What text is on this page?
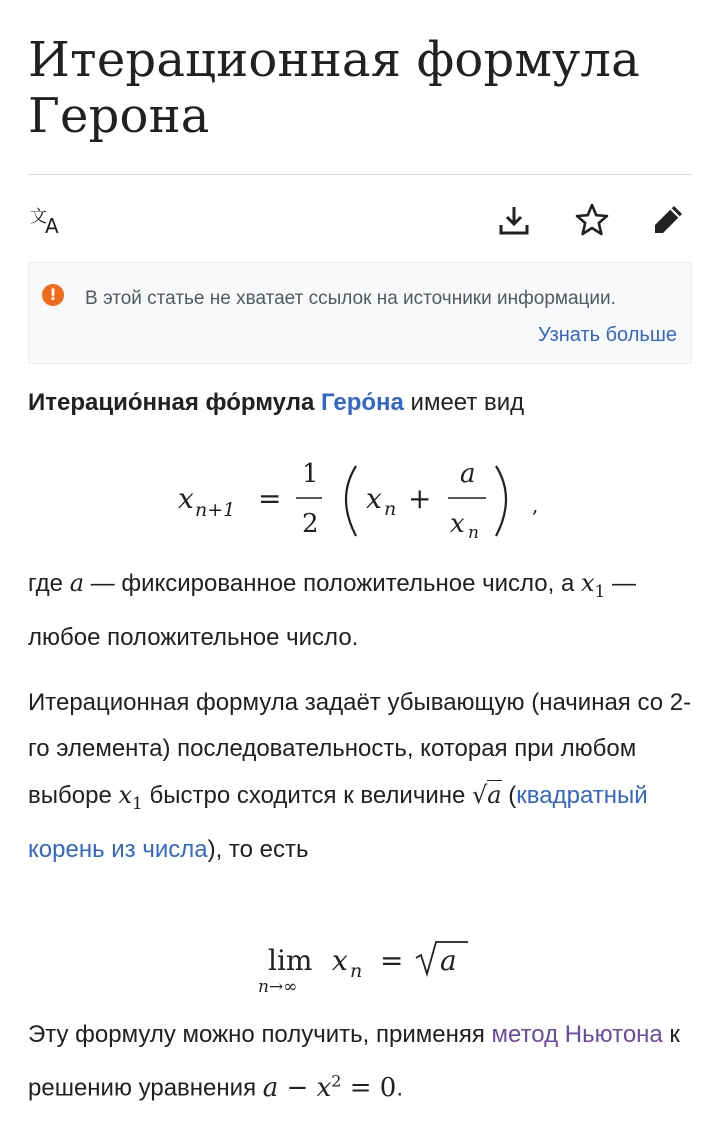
Итерационная формула Герона
文
A
!	В этой статье не хватает ссылок на источники информации.
Узнать больше

Итерацио́нная фо́рмула Геро́на имеет вид

x n+1 =
1
2
x n +
a
x n
,

где a — фиксированное положительное число, а $x_1$ — любое положительное число.

Итерационная формула задаёт убывающую (начиная со 2-го элемента) последовательность, которая при любом выборе $x_1$ быстро сходится к величине √a (квадратный корень из числа), то есть

lim
n→∞
x n = a

Эту формулу можно получить, применяя метод Ньютона к решению уравнения $a - x^2 = 0$.
